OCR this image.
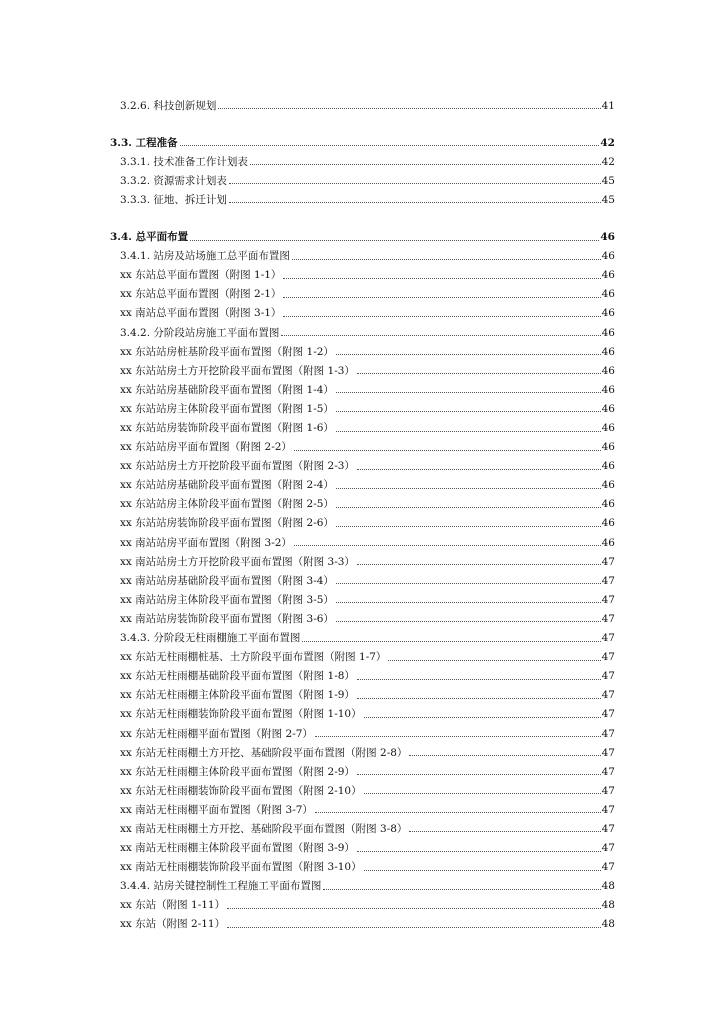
3.2.6. 科技创新规划	41
3.3. 工程准备	42
3.3.1. 技术准备工作计划表	42
3.3.2. 资源需求计划表	45
3.3.3. 征地、拆迁计划	45
3.4. 总平面布置	46
3.4.1. 站房及站场施工总平面布置图	46
xx 东站总平面布置图（附图 1-1）	46
xx 东站总平面布置图（附图 2-1）	46
xx 南站总平面布置图（附图 3-1）	46
3.4.2. 分阶段站房施工平面布置图	46
xx 东站站房桩基阶段平面布置图（附图 1-2）	46
xx 东站站房土方开挖阶段平面布置图（附图 1-3）	46
xx 东站站房基础阶段平面布置图（附图 1-4）	46
xx 东站站房主体阶段平面布置图（附图 1-5）	46
xx 东站站房装饰阶段平面布置图（附图 1-6）	46
xx 东站站房平面布置图（附图 2-2）	46
xx 东站站房土方开挖阶段平面布置图（附图 2-3）	46
xx 东站站房基础阶段平面布置图（附图 2-4）	46
xx 东站站房主体阶段平面布置图（附图 2-5）	46
xx 东站站房装饰阶段平面布置图（附图 2-6）	46
xx 南站站房平面布置图（附图 3-2）	46
xx 南站站房土方开挖阶段平面布置图（附图 3-3）	47
xx 南站站房基础阶段平面布置图（附图 3-4）	47
xx 南站站房主体阶段平面布置图（附图 3-5）	47
xx 南站站房装饰阶段平面布置图（附图 3-6）	47
3.4.3. 分阶段无柱雨棚施工平面布置图	47
xx 东站无柱雨棚桩基、土方阶段平面布置图（附图 1-7）	47
xx 东站无柱雨棚基础阶段平面布置图（附图 1-8）	47
xx 东站无柱雨棚主体阶段平面布置图（附图 1-9）	47
xx 东站无柱雨棚装饰阶段平面布置图（附图 1-10）	47
xx 东站无柱雨棚平面布置图（附图 2-7）	47
xx 东站无柱雨棚土方开挖、基础阶段平面布置图（附图 2-8）	47
xx 东站无柱雨棚主体阶段平面布置图（附图 2-9）	47
xx 东站无柱雨棚装饰阶段平面布置图（附图 2-10）	47
xx 南站无柱雨棚平面布置图（附图 3-7）	47
xx 南站无柱雨棚土方开挖、基础阶段平面布置图（附图 3-8）	47
xx 南站无柱雨棚主体阶段平面布置图（附图 3-9）	47
xx 南站无柱雨棚装饰阶段平面布置图（附图 3-10）	47
3.4.4. 站房关键控制性工程施工平面布置图	48
xx 东站（附图 1-11）	48
xx 东站（附图 2-11）	48
